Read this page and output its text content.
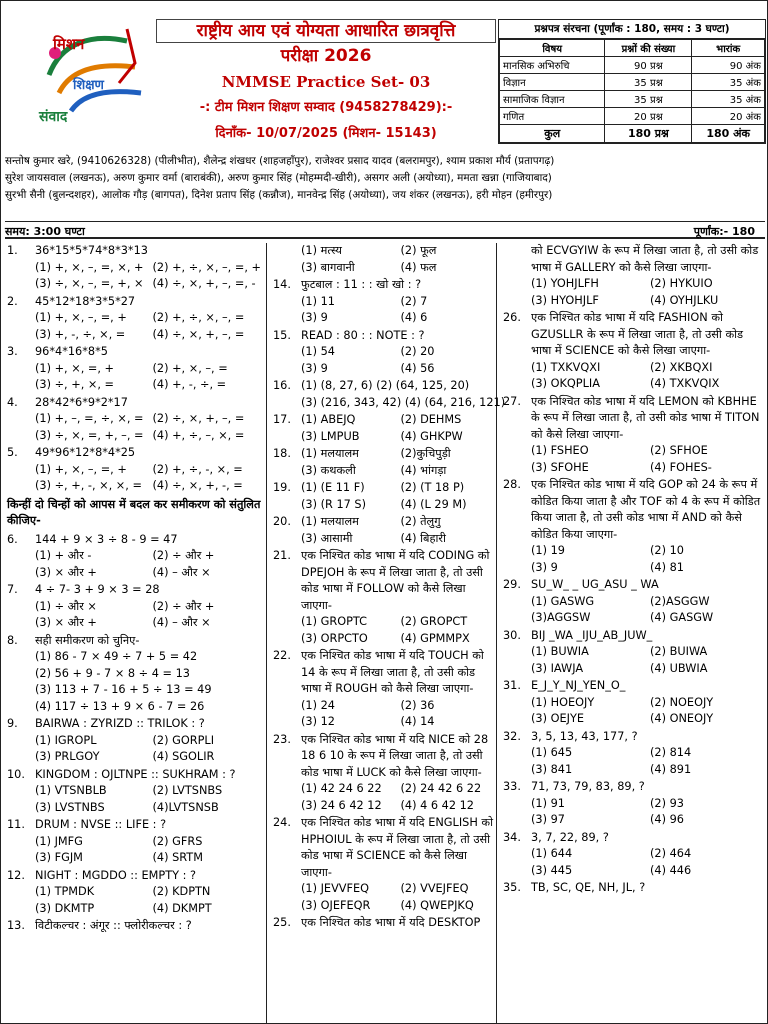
मिशन
शिक्षण
संवाद
राष्ट्रीय आय एवं योग्यता आधारित छात्रवृत्ति
परीक्षा 2026
NMMSE Practice Set- 03
-: टीम मिशन शिक्षण सम्वाद (9458278429):-
दिनाँक- 10/07/2025 (मिशन- 15143)
प्रश्नपत्र संरचना (पूर्णांक : 180, समय : 3 घण्टा)
विषय	प्रश्नों की संख्या	भारांक
मानसिक अभिरुचि	90 प्रश्न	90 अंक
विज्ञान	35 प्रश्न	35 अंक
सामाजिक विज्ञान	35 प्रश्न	35 अंक
गणित	20 प्रश्न	20 अंक
कुल	180 प्रश्न	180 अंक
सन्तोष कुमार खरे, (9410626328) (पीलीभीत), शैलेन्द्र शंखधर (शाहजहाँपुर), राजेश्वर प्रसाद यादव (बलरामपुर), श्याम प्रकाश मौर्य (प्रतापगढ़)
सुरेश जायसवाल (लखनऊ), अरुण कुमार वर्मा (बाराबंकी), अरुण कुमार सिंह (मोहम्मदी-खीरी), असगर अली (अयोध्या), ममता खन्ना (गाजियाबाद)
सुरभी सैनी (बुलन्दशहर), आलोक गौड़ (बागपत), दिनेश प्रताप सिंह (कन्नौज), मानवेन्द्र सिंह (अयोध्या), जय शंकर (लखनऊ), हरी मोहन (हमीरपुर)
समय: 3:00 घण्टा	पूर्णांक:- 180
1. 36*15*5*74*8*3*13
(1) +, ×, –, =, ×, + (2) +, ÷, ×, –, =, +
(3) ÷, ×, –, =, +, × (4) ÷, ×, +, –, =, -
2. 45*12*18*3*5*27
(1) +, ×, –, =, +	(2) +, ÷, ×, –, =
(3) +, -, ÷, ×, =	(4) ÷, ×, +, –, =
3. 96*4*16*8*5
(1) +, ×, =, +	(2) +, ×, –, =
(3) ÷, +, ×, =	(4) +, -, ÷, =
4. 28*42*6*9*2*17
(1) +, –, =, ÷, ×, = (2) ÷, ×, +, –, =
(3) ÷, ×, =, +, –, = (4) +, ÷, –, ×, =
5. 49*96*12*8*4*25
(1) +, ×, –, =, +	(2) +, ÷, -, ×, =
(3) ÷, +, -, ×, ×, = (4) ÷, ×, +, -, =
किन्हीं दो चिन्हों को आपस में बदल कर समीकरण को संतुलित कीजिए-
6. 144 + 9 × 3 ÷ 8 - 9 = 47
(1) + और -	(2) ÷ और +
(3) × और +	(4) – और ×
7. 4 ÷ 7- 3 + 9 × 3 = 28
(1) ÷ और ×	(2) ÷ और +
(3) × और +	(4) – और ×
8. सही समीकरण को चुनिए-
(1) 86 - 7 × 49 ÷ 7 + 5 = 42
(2) 56 + 9 - 7 × 8 ÷ 4 = 13
(3) 113 + 7 - 16 + 5 ÷ 13 = 49
(4) 117 ÷ 13 + 9 × 6 - 7 = 26
9. BAIRWA : ZYRIZD :: TRILOK : ?
(1) IGROPL	(2) GORPLI
(3) PRLGOY	(4) SGOLIR
10. KINGDOM : OJLTNPE :: SUKHRAM : ?
(1) VTSNBLB	(2) LVTSNBS
(3) LVSTNBS	(4)LVTSNSB
11. DRUM : NVSE :: LIFE : ?
(1) JMFG	(2) GFRS
(3) FGJM	(4) SRTM
12. NIGHT : MGDDO :: EMPTY : ?
(1) TPMDK	(2) KDPTN
(3) DKMTP	(4) DKMPT
13. विटीकल्चर : अंगूर :: फ्लोरीकल्चर : ?
(1) मत्स्य	(2) फूल
(3) बागवानी	(4) फल
14. फुटबाल : 11 : : खो खो : ?
(1) 11	(2) 7
(3) 9	(4) 6
15. READ : 80 : : NOTE : ?
(1) 54	(2) 20
(3) 9	(4) 56
16. (1) (8, 27, 6) (2) (64, 125, 20)
(3) (216, 343, 42) (4) (64, 216, 121)
17. (1) ABEJQ	(2) DEHMS
(3) LMPUB	(4) GHKPW
18. (1) मलयालम	(2)कुचिपुड़ी
(3) कथकली	(4) भांगड़ा
19. (1) (E 11 F)	(2) (T 18 P)
(3) (R 17 S)	(4) (L 29 M)
20. (1) मलयालम	(2) तेलुगु
(3) आसामी	(4) बिहारी
21. एक निश्चित कोड भाषा में यदि CODING को DPEJOH के रूप में लिखा जाता है, तो उसी कोड भाषा में FOLLOW को कैसे लिखा जाएगा-
(1) GROPTC	(2) GROPCT
(3) ORPCTO	(4) GPMMPX
22. एक निश्चित कोड भाषा में यदि TOUCH को 14 के रूप में लिखा जाता है, तो उसी कोड भाषा में ROUGH को कैसे लिखा जाएगा-
(1) 24	(2) 36
(3) 12	(4) 14
23. एक निश्चित कोड भाषा में यदि NICE को 28 18 6 10 के रूप में लिखा जाता है, तो उसी कोड भाषा में LUCK को कैसे लिखा जाएगा-
(1) 42 24 6 22	(2) 24 42 6 22
(3) 24 6 42 12	(4) 4 6 42 12
24. एक निश्चित कोड भाषा में यदि ENGLISH को HPHOIUL के रूप में लिखा जाता है, तो उसी कोड भाषा में SCIENCE को कैसे लिखा जाएगा-
(1) JEVVFEQ	(2) VVEJFEQ
(3) OJEFEQR	(4) QWEPJKQ
25. एक निश्चित कोड भाषा में यदि DESKTOP
को ECVGYIW के रूप में लिखा जाता है, तो उसी कोड भाषा में GALLERY को कैसे लिखा जाएगा-
(1) YOHJLFH	(2) HYKUIO
(3) HYOHJLF	(4) OYHJLKU
26. एक निश्चित कोड भाषा में यदि FASHION को GZUSLLR के रूप में लिखा जाता है, तो उसी कोड भाषा में SCIENCE को कैसे लिखा जाएगा-
(1) TXKVQXI	(2) XKBQXI
(3) OKQPLIA	(4) TXKVQIX
27. एक निश्चित कोड भाषा में यदि LEMON को KBHHE के रूप में लिखा जाता है, तो उसी कोड भाषा में TITON को कैसे लिखा जाएगा-
(1) FSHEO	(2) SFHOE
(3) SFOHE	(4) FOHES-
28. एक निश्चित कोड भाषा में यदि GOP को 24 के रूप में कोडित किया जाता है और TOF को 4 के रूप में कोडित किया जाता है, तो उसी कोड भाषा में AND को कैसे कोडित किया जाएगा-
(1) 19	(2) 10
(3) 9	(4) 81
29. SU_W_ _ UG_ASU _ WA
(1) GASWG	(2)ASGGW
(3)AGGSW	(4) GASGW
30. BIJ _WA _IJU_AB_JUW_
(1) BUWIA	(2) BUIWA
(3) IAWJA	(4) UBWIA
31. E_J_Y_NJ_YEN_O_
(1) HOEOJY	(2) NOEOJY
(3) OEJYE	(4) ONEOJY
32. 3, 5, 13, 43, 177, ?
(1) 645	(2) 814
(3) 841	(4) 891
33. 71, 73, 79, 83, 89, ?
(1) 91	(2) 93
(3) 97	(4) 96
34. 3, 7, 22, 89, ?
(1) 644	(2) 464
(3) 445	(4) 446
35. TB, SC, QE, NH, JL, ?
